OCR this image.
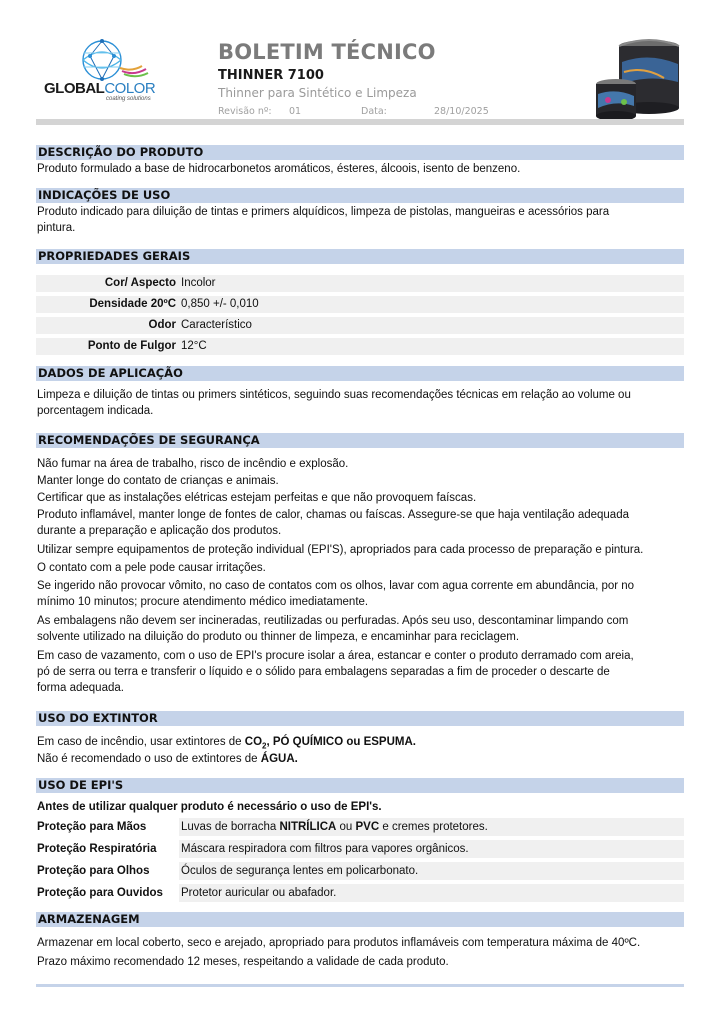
GLOBALCOLOR
coating solutions
BOLETIM TÉCNICO
THINNER 7100
Thinner para Sintético e Limpeza
Revisão nº: 01	Data:	28/10/2025
DESCRIÇÃO DO PRODUTO
Produto formulado a base de hidrocarbonetos aromáticos, ésteres, álcoois, isento de benzeno.
INDICAÇÕES DE USO
Produto indicado para diluição de tintas e primers alquídicos, limpeza de pistolas, mangueiras e acessórios para
pintura.
PROPRIEDADES GERAIS
Cor/ Aspecto Incolor
Densidade 20ºC 0,850 +/- 0,010
Odor Característico
Ponto de Fulgor 12°C
DADOS DE APLICAÇÃO
Limpeza e diluição de tintas ou primers sintéticos, seguindo suas recomendações técnicas em relação ao volume ou
porcentagem indicada.
RECOMENDAÇÕES DE SEGURANÇA
Não fumar na área de trabalho, risco de incêndio e explosão.
Manter longe do contato de crianças e animais.
Certificar que as instalações elétricas estejam perfeitas e que não provoquem faíscas.
Produto inflamável, manter longe de fontes de calor, chamas ou faíscas. Assegure-se que haja ventilação adequada
durante a preparação e aplicação dos produtos.
Utilizar sempre equipamentos de proteção individual (EPI'S), apropriados para cada processo de preparação e pintura.
O contato com a pele pode causar irritações.
Se ingerido não provocar vômito, no caso de contatos com os olhos, lavar com agua corrente em abundância, por no
mínimo 10 minutos; procure atendimento médico imediatamente.
As embalagens não devem ser incineradas, reutilizadas ou perfuradas. Após seu uso, descontaminar limpando com
solvente utilizado na diluição do produto ou thinner de limpeza, e encaminhar para reciclagem.
Em caso de vazamento, com o uso de EPI's procure isolar a área, estancar e conter o produto derramado com areia,
pó de serra ou terra e transferir o líquido e o sólido para embalagens separadas a fim de proceder o descarte de
forma adequada.
USO DO EXTINTOR
Em caso de incêndio, usar extintores de $CO_2$, PÓ QUÍMICO ou ESPUMA.
Não é recomendado o uso de extintores de ÁGUA.
USO DE EPI'S
Antes de utilizar qualquer produto é necessário o uso de EPI's.
Proteção para Mãos	Luvas de borracha NITRÍLICA ou PVC e cremes protetores.
Proteção Respiratória	Máscara respiradora com filtros para vapores orgânicos.
Proteção para Olhos	Óculos de segurança lentes em policarbonato.
Proteção para Ouvidos	Protetor auricular ou abafador.
ARMAZENAGEM
Armazenar em local coberto, seco e arejado, apropriado para produtos inflamáveis com temperatura máxima de 40ºC.
Prazo máximo recomendado 12 meses, respeitando a validade de cada produto.
